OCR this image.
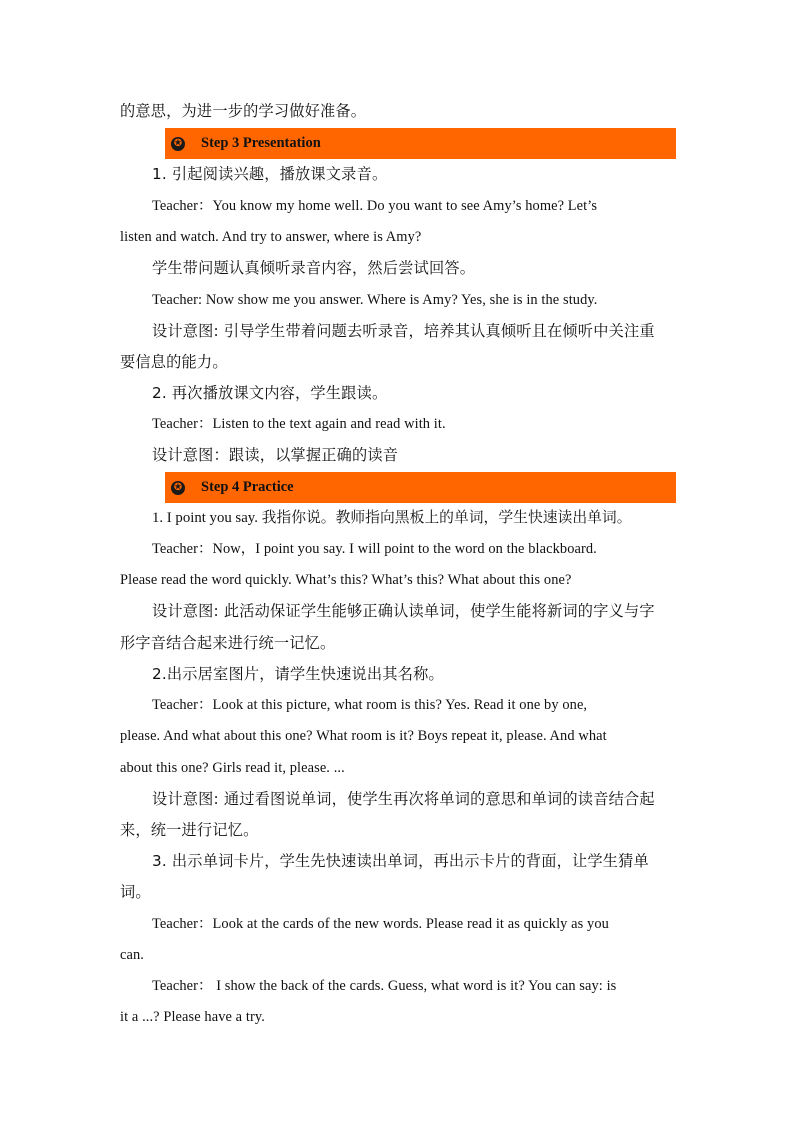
的意思，为进一步的学习做好准备。
✪ Step 3 Presentation
1. 引起阅读兴趣，播放课文录音。
Teacher：You know my home well. Do you want to see Amy’s home? Let’s
listen and watch. And try to answer, where is Amy?
学生带问题认真倾听录音内容，然后尝试回答。
Teacher: Now show me you answer. Where is Amy? Yes, she is in the study.
设计意图: 引导学生带着问题去听录音，培养其认真倾听且在倾听中关注重
要信息的能力。
2. 再次播放课文内容，学生跟读。
Teacher：Listen to the text again and read with it.
设计意图：跟读，以掌握正确的读音
✪ Step 4 Practice
1. I point you say. 我指你说。教师指向黑板上的单词，学生快速读出单词。
Teacher：Now，I point you say. I will point to the word on the blackboard.
Please read the word quickly. What’s this? What’s this? What about this one?
设计意图: 此活动保证学生能够正确认读单词，使学生能将新词的字义与字
形字音结合起来进行统一记忆。
2.出示居室图片，请学生快速说出其名称。
Teacher：Look at this picture, what room is this? Yes. Read it one by one,
please. And what about this one? What room is it? Boys repeat it, please. And what
about this one? Girls read it, please. ...
设计意图: 通过看图说单词，使学生再次将单词的意思和单词的读音结合起
来，统一进行记忆。
3. 出示单词卡片，学生先快速读出单词，再出示卡片的背面，让学生猜单
词。
Teacher：Look at the cards of the new words. Please read it as quickly as you
can.
Teacher： I show the back of the cards. Guess, what word is it? You can say: is
it a ...? Please have a try.
